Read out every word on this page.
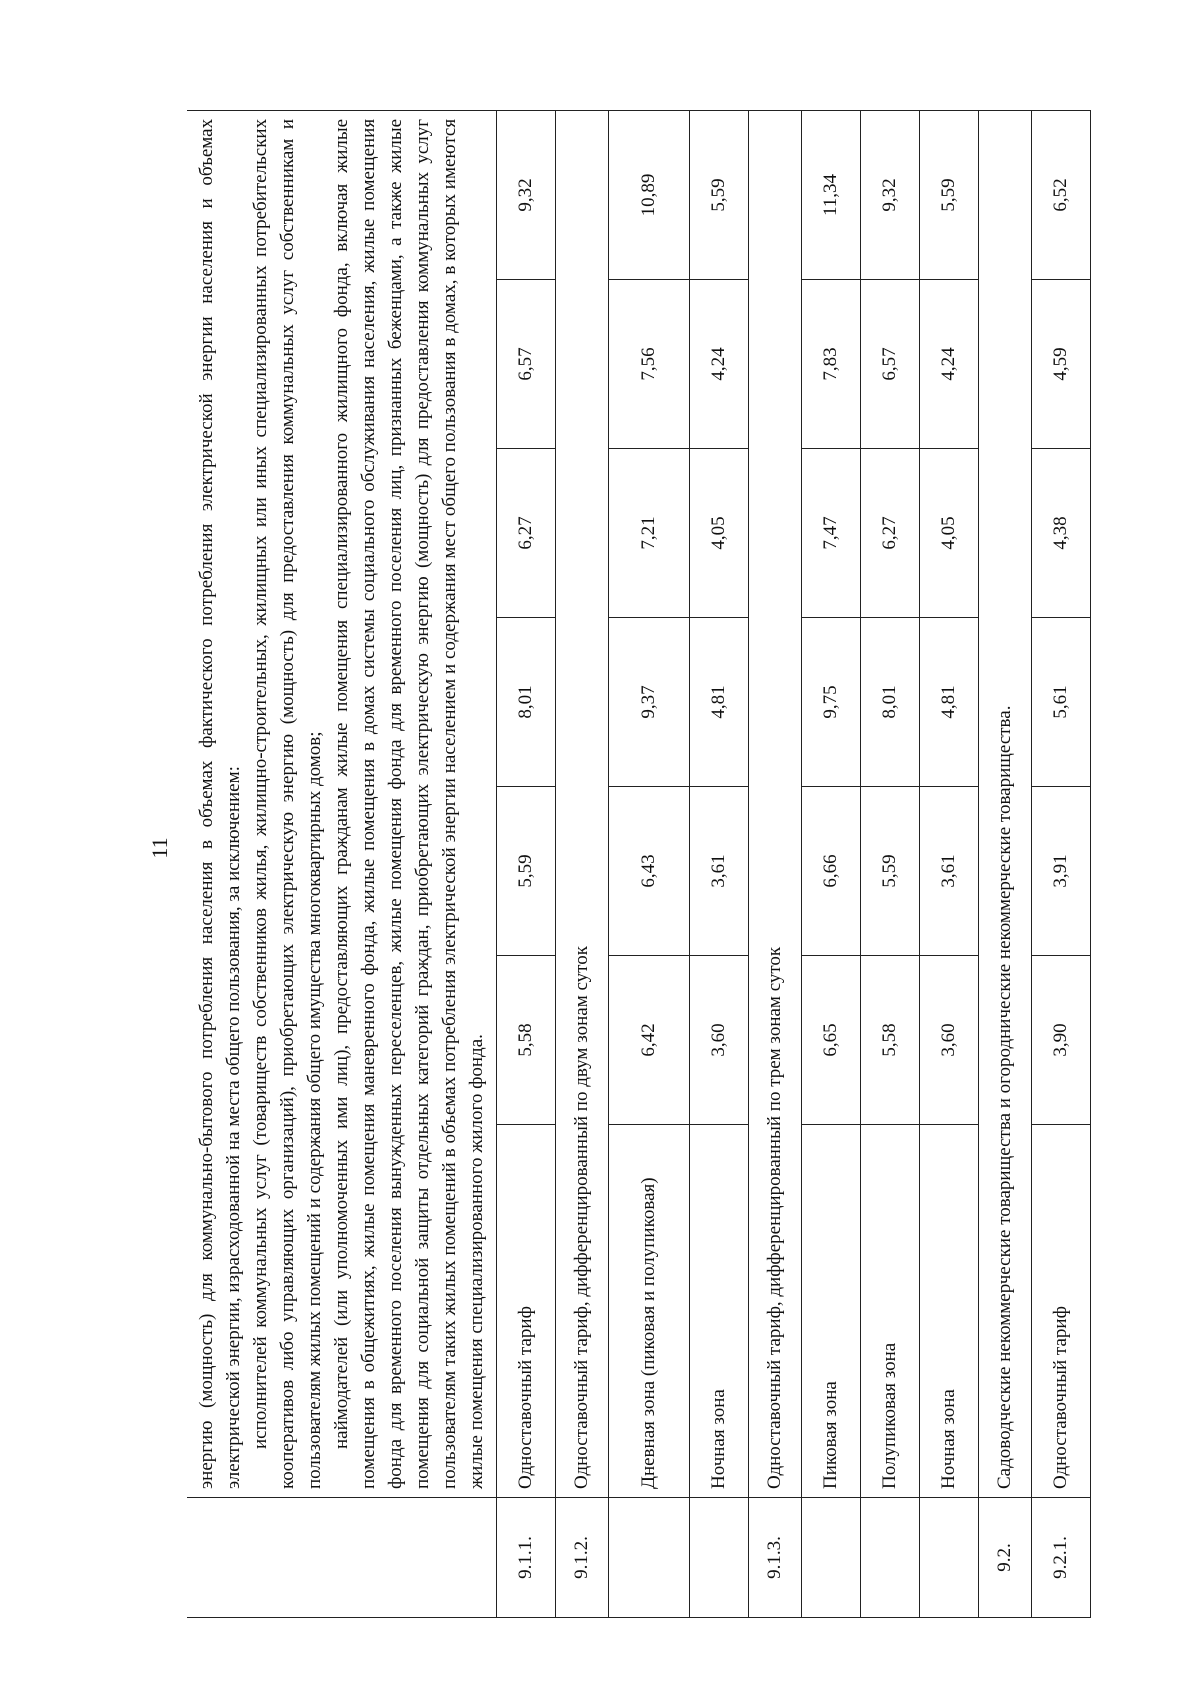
11

	энергию (мощность) для коммунально-бытового потребления населения в объемах фактического потребления электрической энергии населения и объемах электрической энергии, израсходованной на места общего пользования, за исключением: исполнителей коммунальных услуг (товариществ собственников жилья, жилищно-строительных, жилищных или иных специализированных потребительских кооперативов либо управляющих организаций), приобретающих электрическую энергию (мощность) для предоставления коммунальных услуг собственникам и пользователям жилых помещений и содержания общего имущества многоквартирных домов; наймодателей (или уполномоченных ими лиц), предоставляющих гражданам жилые помещения специализированного жилищного фонда, включая жилые помещения в общежитиях, жилые помещения маневренного фонда, жилые помещения в домах системы социального обслуживания населения, жилые помещения фонда для временного поселения вынужденных переселенцев, жилые помещения фонда для временного поселения лиц, признанных беженцами, а также жилые помещения для социальной защиты отдельных категорий граждан, приобретающих электрическую энергию (мощность) для предоставления коммунальных услуг пользователям таких жилых помещений в объемах потребления электрической энергии населением и содержания мест общего пользования в домах, в которых имеются жилые помещения специализированного жилого фонда.						

9.1.1.	Одноставочный тариф	5,58	5,59	8,01	6,27	6,57	9,32
9.1.2.	Одноставочный тариф, дифференцированный по двум зонам суток						
	Дневная зона (пиковая и полупиковая)	6,42	6,43	9,37	7,21	7,56	10,89
	Ночная зона	3,60	3,61	4,81	4,05	4,24	5,59
9.1.3.	Одноставочный тариф, дифференцированный по трем зонам суток						
	Пиковая зона	6,65	6,66	9,75	7,47	7,83	11,34
	Полупиковая зона	5,58	5,59	8,01	6,27	6,57	9,32
	Ночная зона	3,60	3,61	4,81	4,05	4,24	5,59
9.2.	Садоводческие некоммерческие товарищества и огороднические некоммерческие товарищества.						
9.2.1.	Одноставочный тариф	3,90	3,91	5,61	4,38	4,59	6,52
